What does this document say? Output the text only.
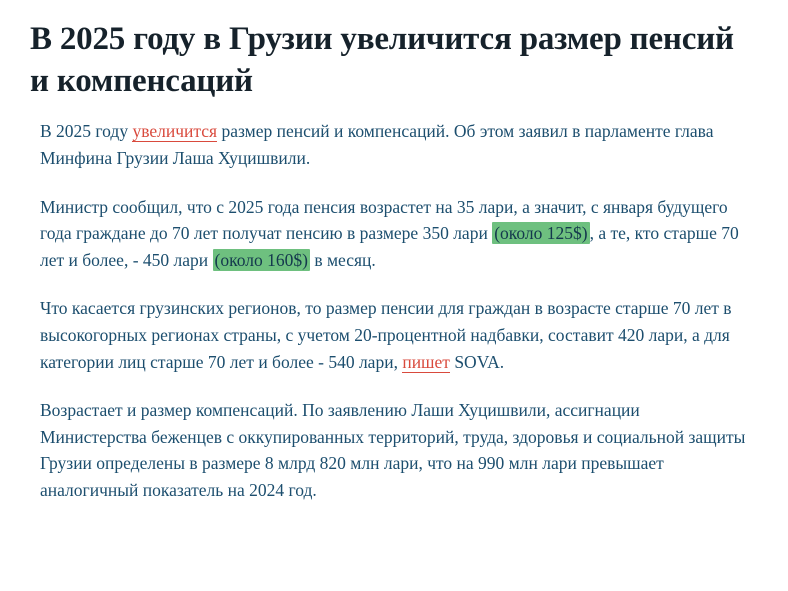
В 2025 году в Грузии увеличится размер пенсий и компенсаций

В 2025 году увеличится размер пенсий и компенсаций. Об этом заявил в парламенте глава Минфина Грузии Лаша Хуцишвили.

Министр сообщил, что с 2025 года пенсия возрастет на 35 лари, а значит, с января будущего года граждане до 70 лет получат пенсию в размере 350 лари (около 125$) , а те, кто старше 70 лет и более, - 450 лари (около 160$) в месяц.

Что касается грузинских регионов, то размер пенсии для граждан в возрасте старше 70 лет в высокогорных регионах страны, с учетом 20-процентной надбавки, составит 420 лари, а для категории лиц старше 70 лет и более - 540 лари, пишет SOVA.

Возрастает и размер компенсаций. По заявлению Лаши Хуцишвили, ассигнации Министерства беженцев с оккупированных территорий, труда, здоровья и социальной защиты Грузии определены в размере 8 млрд 820 млн лари, что на 990 млн лари превышает аналогичный показатель на 2024 год.
